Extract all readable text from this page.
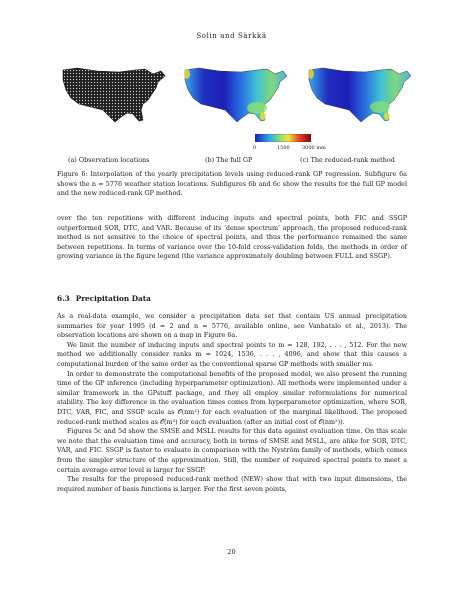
Solin and Särkkä
0	1500 3000 mm
(a) Observation locations	(b) The full GP	(c) The reduced-rank method
Figure 6: Interpolation of the yearly precipitation levels using reduced-rank GP regression. Subfigure 6a shows the n = 5776 weather station locations. Subfigures 6b and 6c show the results for the full GP model and the new reduced-rank GP method.

over the ten repetitions with different inducing inputs and spectral points, both FIC and SSGP outperformed SOR, DTC, and VAR. Because of its ‘dense spectrum’ approach, the proposed reduced-rank method is not sensitive to the choice of spectral points, and thus the performance remained the same between repetitions. In terms of variance over the 10-fold cross-validation folds, the methods in order of growing variance in the figure legend (the variance approximately doubling between FULL and SSGP).

6.3 Precipitation Data

As a real-data example, we consider a precipitation data set that contain US annual precipitation summaries for year 1995 (d = 2 and n = 5776, available online, see Vanhatalo et al., 2013). The observation locations are shown on a map in Figure 6a.

We limit the number of inducing inputs and spectral points to m = 128, 192, . . . , 512. For the new method we additionally consider ranks m = 1024, 1536, . . . , 4096, and show that this causes a computational burden of the same order as the conventional sparse GP methods with smaller ms.

In order to demonstrate the computational benefits of the proposed model, we also present the running time of the GP inference (including hyperparameter optimization). All methods were implemented under a similar framework in the GPstuff package, and they all employ similar reformulations for numerical stability. The key difference in the evaluation times comes from hyperparameter optimization, where SOR, DTC, VAR, FIC, and SSGP scale as 𝒪(nm²) for each evaluation of the marginal likelihood. The proposed reduced-rank method scales as 𝒪(m³) for each evaluation (after an initial cost of 𝒪(nm²)).

Figures 5c and 5d show the SMSE and MSLL results for this data against evaluation time. On this scale we note that the evaluation time and accuracy, both in terms of SMSE and MSLL, are alike for SOR, DTC, VAR, and FIC. SSGP is faster to evaluate in comparison with the Nyström family of methods, which comes from the simpler structure of the approximation. Still, the number of required spectral points to meet a certain average error level is larger for SSGP.

The results for the proposed reduced-rank method (NEW) show that with two input dimensions, the required number of basis functions is larger. For the first seven points,

20
